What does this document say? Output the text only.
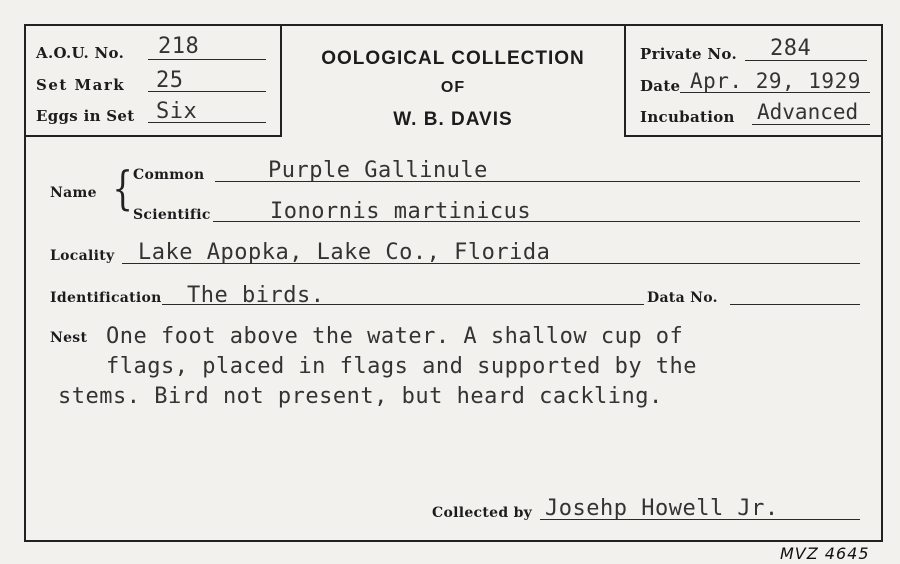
A.O.U. No. 218
Set Mark 25
Eggs in Set Six
OOLOGICAL COLLECTION
OF
W. B. DAVIS
Private No. 284
Date Apr. 29, 1929
Incubation Advanced
Name { Common	Purple Gallinule
Scientific	Ionornis martinicus
Locality Lake Apopka, Lake Co., Florida
Identification The birds.	Data No.
Nest One foot above the water. A shallow cup of
flags, placed in flags and supported by the
stems. Bird not present, but heard cackling.
Collected by Josehp Howell Jr.
MVZ 4645
